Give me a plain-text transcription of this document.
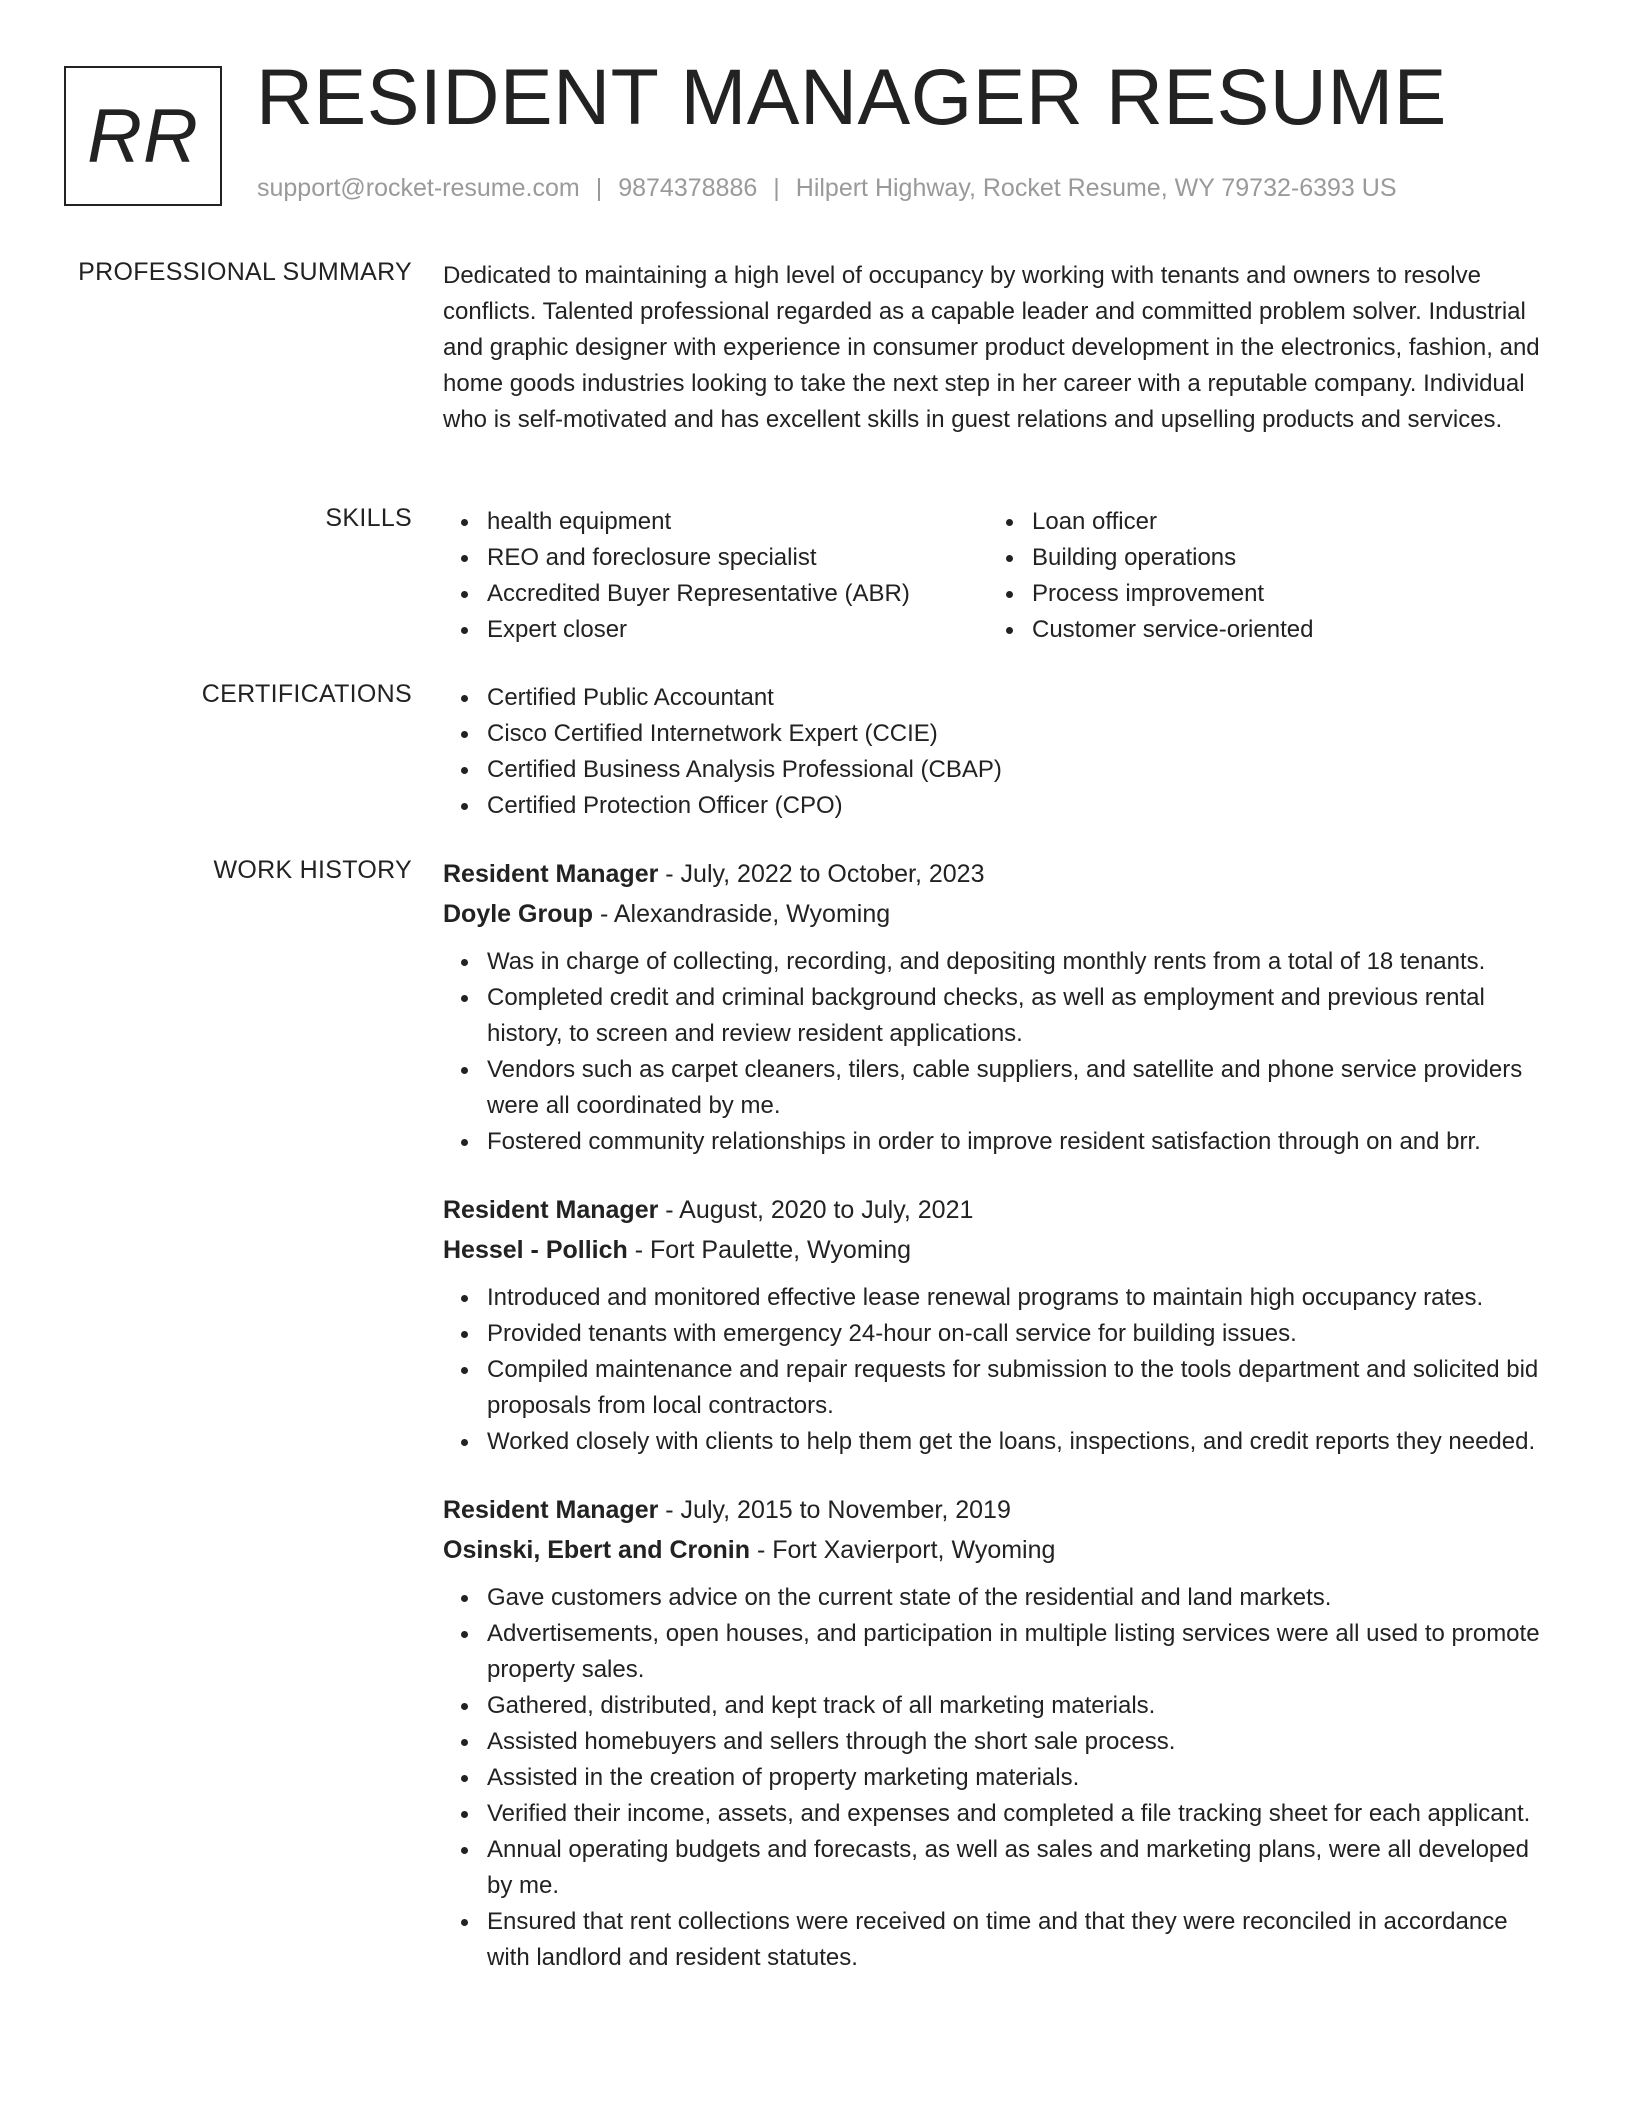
RR RESIDENT MANAGER RESUME
support@rocket-resume.com | 9874378886 | Hilpert Highway, Rocket Resume, WY 79732-6393 US
PROFESSIONAL SUMMARY Dedicated to maintaining a high level of occupancy by working with tenants and owners to resolve conflicts. Talented professional regarded as a capable leader and committed problem solver. Industrial and graphic designer with experience in consumer product development in the electronics, fashion, and home goods industries looking to take the next step in her career with a reputable company. Individual who is self-motivated and has excellent skills in guest relations and upselling products and services.

SKILLS	health equipment
REO and foreclosure specialist
Accredited Buyer Representative (ABR)
Expert closer
Loan officer
Building operations
Process improvement
Customer service-oriented
CERTIFICATIONS	Certified Public Accountant
Cisco Certified Internetwork Expert (CCIE)
Certified Business Analysis Professional (CBAP)
Certified Protection Officer (CPO)
WORK HISTORY Resident Manager - July, 2022 to October, 2023
Doyle Group - Alexandraside, Wyoming
Was in charge of collecting, recording, and depositing monthly rents from a total of 18 tenants.
Completed credit and criminal background checks, as well as employment and previous rental history, to screen and review resident applications.
Vendors such as carpet cleaners, tilers, cable suppliers, and satellite and phone service providers were all coordinated by me.
Fostered community relationships in order to improve resident satisfaction through on and brr.
Resident Manager - August, 2020 to July, 2021
Hessel - Pollich - Fort Paulette, Wyoming
Introduced and monitored effective lease renewal programs to maintain high occupancy rates.
Provided tenants with emergency 24-hour on-call service for building issues.
Compiled maintenance and repair requests for submission to the tools department and solicited bid proposals from local contractors.
Worked closely with clients to help them get the loans, inspections, and credit reports they needed.
Resident Manager - July, 2015 to November, 2019
Osinski, Ebert and Cronin - Fort Xavierport, Wyoming
Gave customers advice on the current state of the residential and land markets.
Advertisements, open houses, and participation in multiple listing services were all used to promote property sales.
Gathered, distributed, and kept track of all marketing materials.
Assisted homebuyers and sellers through the short sale process.
Assisted in the creation of property marketing materials.
Verified their income, assets, and expenses and completed a file tracking sheet for each applicant.
Annual operating budgets and forecasts, as well as sales and marketing plans, were all developed by me.
Ensured that rent collections were received on time and that they were reconciled in accordance with landlord and resident statutes.
